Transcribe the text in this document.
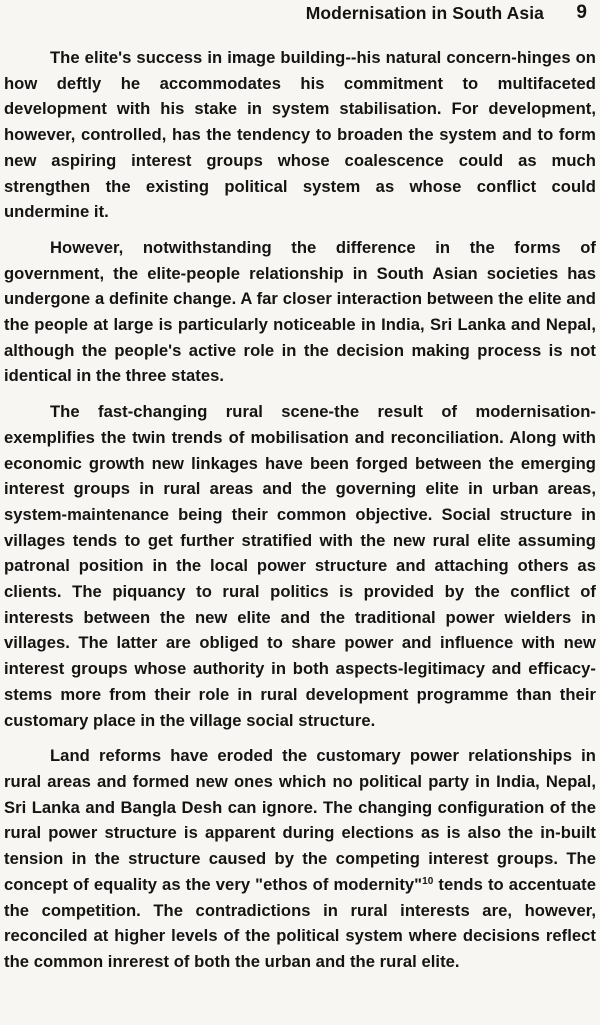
Modernisation in South Asia 9

The elite's success in image building--his natural concern-hinges on how deftly he accommodates his commitment to multifaceted development with his stake in system stabilisation. For development, however, controlled, has the tendency to broaden the system and to form new aspiring interest groups whose coalescence could as much strengthen the existing political system as whose conflict could undermine it.

However, notwithstanding the difference in the forms of government, the elite-people relationship in South Asian societies has undergone a definite change. A far closer interaction between the elite and the people at large is particularly noticeable in India, Sri Lanka and Nepal, although the people's active role in the decision making process is not identical in the three states.

The fast-changing rural scene-the result of modernisation-exemplifies the twin trends of mobilisation and reconciliation. Along with economic growth new linkages have been forged between the emerging interest groups in rural areas and the governing elite in urban areas, system-maintenance being their common objective. Social structure in villages tends to get further stratified with the new rural elite assuming patronal position in the local power structure and attaching others as clients. The piquancy to rural politics is provided by the conflict of interests between the new elite and the traditional power wielders in villages. The latter are obliged to share power and influence with new interest groups whose authority in both aspects-legitimacy and efficacy-stems more from their role in rural development programme than their customary place in the village social structure.

Land reforms have eroded the customary power relationships in rural areas and formed new ones which no political party in India, Nepal, Sri Lanka and Bangla Desh can ignore. The changing configuration of the rural power structure is apparent during elections as is also the in-built tension in the structure caused by the competing interest groups. The concept of equality as the very "ethos of modernity"$^{10}$ tends to accentuate the competition. The contradictions in rural interests are, however, reconciled at higher levels of the political system where decisions reflect the common inrerest of both the urban and the rural elite.
